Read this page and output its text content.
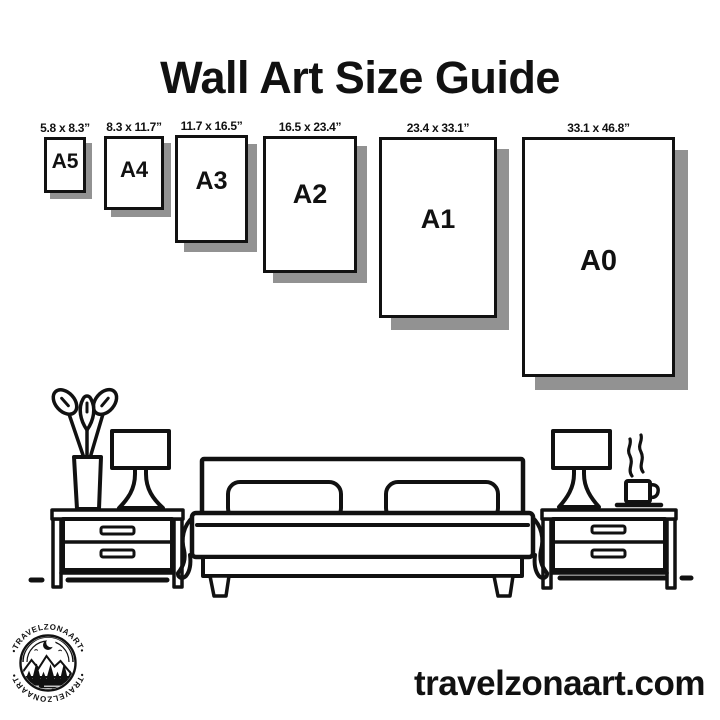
Wall Art Size Guide
5.8 x 8.3”
A5
8.3 x 11.7”
A4
11.7 x 16.5”
A3
16.5 x 23.4”
A2
23.4 x 33.1”
A1
33.1 x 46.8”
A0
•TRAVELZONAART•
•TRAVELZONAART•	travelzonaart.com
